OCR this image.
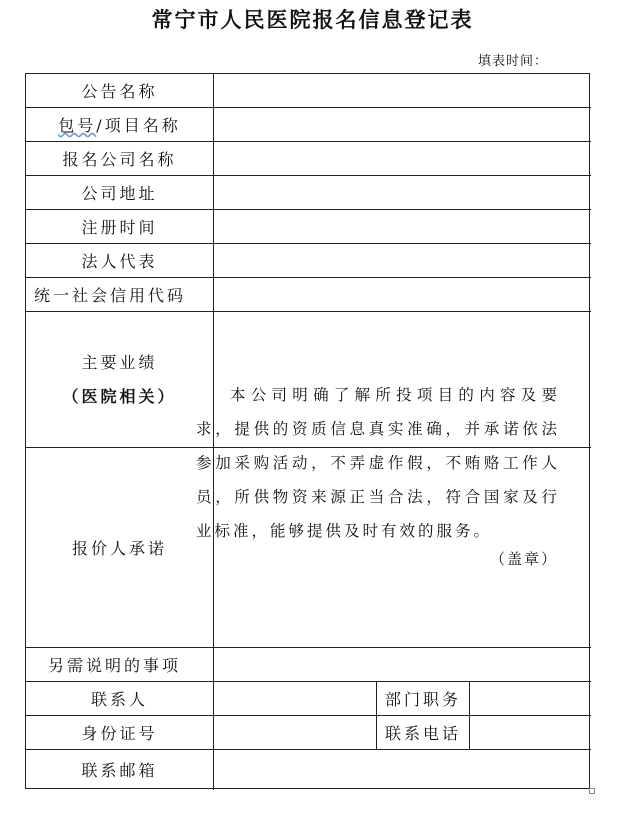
常宁市人民医院报名信息登记表
填表时间：
公告名称
包号 /项目名称
报名公司名称
公司地址
注册时间
法人代表
统一社会信用代码
主要业绩
（医院相关）
报价人承诺
另需说明的事项
联系人	部门职务
身份证号	联系电话
联系邮箱

本公司明确了解所投项目的内容及要求，提供的资质信息真实准确，并承诺依法参加采购活动，不弄虚作假，不贿赂工作人员，所供物资来源正当合法，符合国家及行业标准，能够提供及时有效的服务。

（盖章）
